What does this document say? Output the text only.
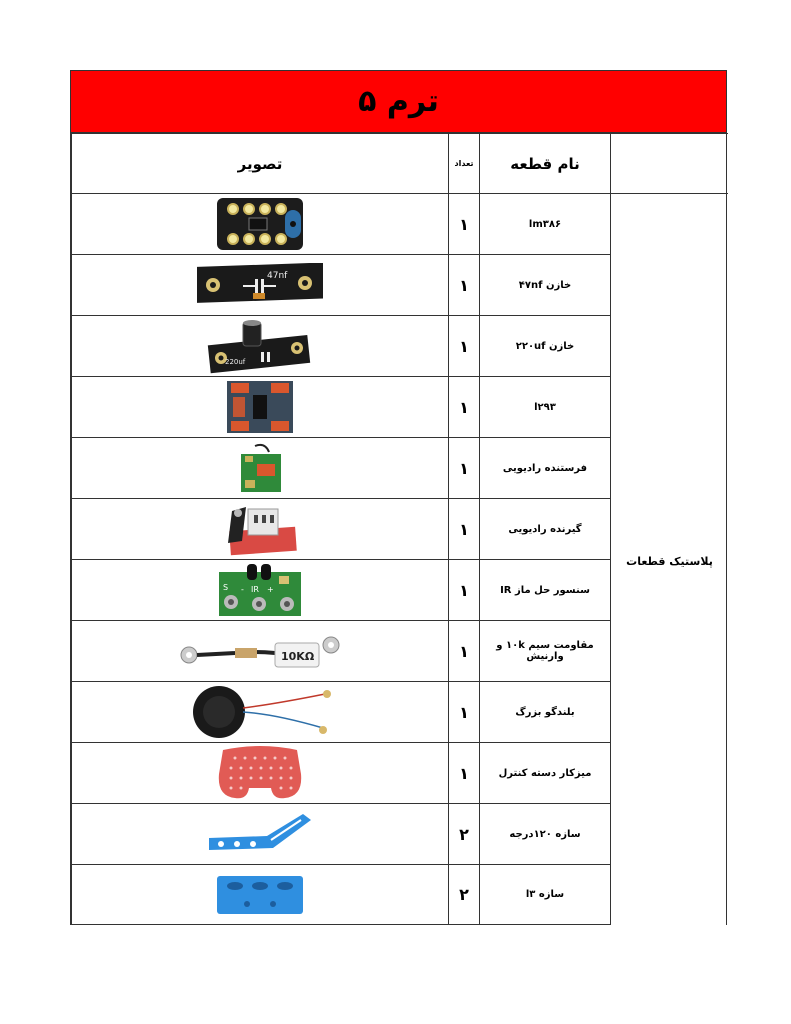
ترم ۵
تصویر	تعداد	نام قطعه	

	۱	lm۳۸۶	پلاستیک قطعات

47nf	۱	خازن ۴۷nf	

220uf	۱	خازن ۲۲۰uf	

	۱	l۲۹۳	

	۱	فرستنده رادیویی	

	۱	گیرنده رادیویی	

S - IR +	۱	سنسور حل ماز IR	

10KΩ	۱	مقاومت سیم ۱۰k و وارنیش	

	۱	بلندگو بزرگ	

	۱	میزکار دسته کنترل	

	۲	سازه ۱۲۰درجه	

	۲	سازه l۳	
